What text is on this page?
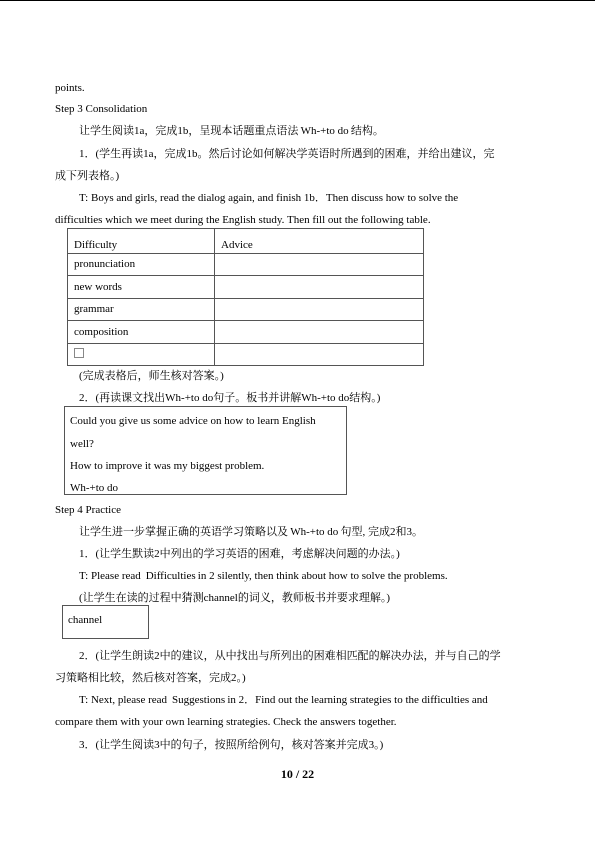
points.
Step 3 Consolidation
让学生阅读1a，完成1b，呈现本话题重点语法 Wh-+to do 结构。
1．(学生再读1a，完成1b。然后讨论如何解决学英语时所遇到的困难，并给出建议，完
成下列表格。)
T: Boys and girls, read the dialog again, and finish 1b．Then discuss how to solve the
difficulties which we meet during the English study. Then fill out the following table.
Difficulty	Advice
pronunciation	
new words	
grammar	
composition	

(完成表格后，师生核对答案。)
2．(再读课文找出Wh-+to do句子。板书并讲解Wh-+to do结构。)
Could you give us some advice on how to learn English
well?
How to improve it was my biggest problem.
Wh-+to do
Step 4 Practice
让学生进一步掌握正确的英语学习策略以及 Wh-+to do 句型, 完成2和3。
1．(让学生默读2中列出的学习英语的困难，考虑解决问题的办法。)
T: Please read  Difficulties in 2 silently, then think about how to solve the problems.
(让学生在读的过程中猜测channel的词义，教师板书并要求理解。)
channel
2．(让学生朗读2中的建议，从中找出与所列出的困难相匹配的解决办法，并与自己的学
习策略相比较，然后核对答案，完成2。)
T: Next, please read  Suggestions in 2．Find out the learning strategies to the difficulties and
compare them with your own learning strategies. Check the answers together.
3．(让学生阅读3中的句子，按照所给例句，核对答案并完成3。)
10 / 22
